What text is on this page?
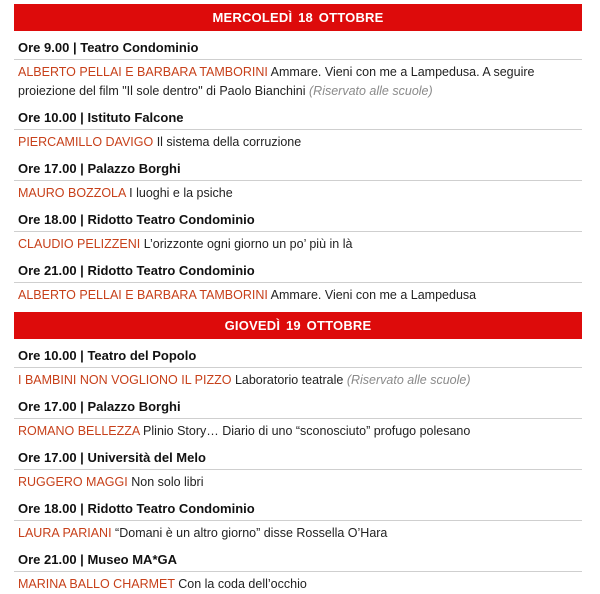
MERCOLEDÌ 18 OTTOBRE
Ore 9.00 | Teatro Condominio
ALBERTO PELLAI E BARBARA TAMBORINI Ammare. Vieni con me a Lampedusa. A seguire proiezione del film "Il sole dentro" di Paolo Bianchini (Riservato alle scuole)
Ore 10.00 | Istituto Falcone
PIERCAMILLO DAVIGO Il sistema della corruzione
Ore 17.00 | Palazzo Borghi
MAURO BOZZOLA I luoghi e la psiche
Ore 18.00 | Ridotto Teatro Condominio
CLAUDIO PELIZZENI L’orizzonte ogni giorno un po’ più in là
Ore 21.00 | Ridotto Teatro Condominio
ALBERTO PELLAI E BARBARA TAMBORINI Ammare. Vieni con me a Lampedusa
GIOVEDÌ 19 OTTOBRE
Ore 10.00 | Teatro del Popolo
I BAMBINI NON VOGLIONO IL PIZZO Laboratorio teatrale (Riservato alle scuole)
Ore 17.00 | Palazzo Borghi
ROMANO BELLEZZA Plinio Story… Diario di uno “sconosciuto” profugo polesano
Ore 17.00 | Università del Melo
RUGGERO MAGGI Non solo libri
Ore 18.00 | Ridotto Teatro Condominio
LAURA PARIANI “Domani è un altro giorno” disse Rossella O’Hara
Ore 21.00 | Museo MA*GA
MARINA BALLO CHARMET Con la coda dell’occhio
